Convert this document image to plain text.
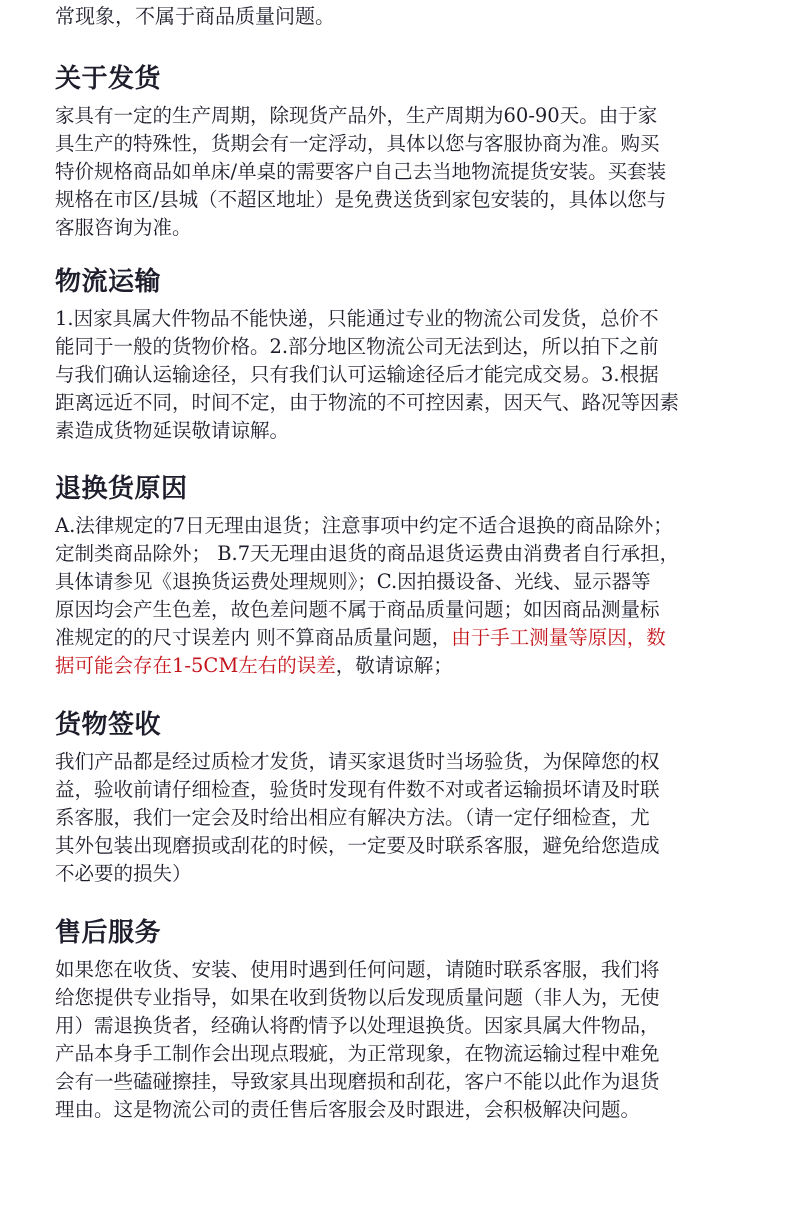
常现象，不属于商品质量问题。

关于发货

家具有一定的生产周期，除现货产品外，生产周期为60-90天。由于家
具生产的特殊性，货期会有一定浮动，具体以您与客服协商为准。购买
特价规格商品如单床/单桌的需要客户自己去当地物流提货安装。买套装
规格在市区/县城（不超区地址）是免费送货到家包安装的，具体以您与
客服咨询为准。

物流运输

1.因家具属大件物品不能快递，只能通过专业的物流公司发货，总价不
能同于一般的货物价格。2.部分地区物流公司无法到达，所以拍下之前
与我们确认运输途径，只有我们认可运输途径后才能完成交易。3.根据
距离远近不同，时间不定，由于物流的不可控因素，因天气、路况等因素
素造成货物延误敬请谅解。

退换货原因

A.法律规定的7日无理由退货；注意事项中约定不适合退换的商品除外；
定制类商品除外； B.7天无理由退货的商品退货运费由消费者自行承担，
具体请参见《退换货运费处理规则》；C.因拍摄设备、光线、显示器等
原因均会产生色差，故色差问题不属于商品质量问题；如因商品测量标
准规定的的尺寸误差内 则不算商品质量问题，由于手工测量等原因，数
据可能会存在1-5CM左右的误差，敬请谅解；

货物签收

我们产品都是经过质检才发货，请买家退货时当场验货，为保障您的权
益，验收前请仔细检查，验货时发现有件数不对或者运输损坏请及时联
系客服，我们一定会及时给出相应有解决方法。（请一定仔细检查，尤
其外包装出现磨损或刮花的时候，一定要及时联系客服，避免给您造成
不必要的损失）

售后服务

如果您在收货、安装、使用时遇到任何问题，请随时联系客服，我们将
给您提供专业指导，如果在收到货物以后发现质量问题（非人为，无使
用）需退换货者，经确认将酌情予以处理退换货。因家具属大件物品，
产品本身手工制作会出现点瑕疵，为正常现象，在物流运输过程中难免
会有一些磕碰擦挂，导致家具出现磨损和刮花，客户不能以此作为退货
理由。这是物流公司的责任售后客服会及时跟进，会积极解决问题。
